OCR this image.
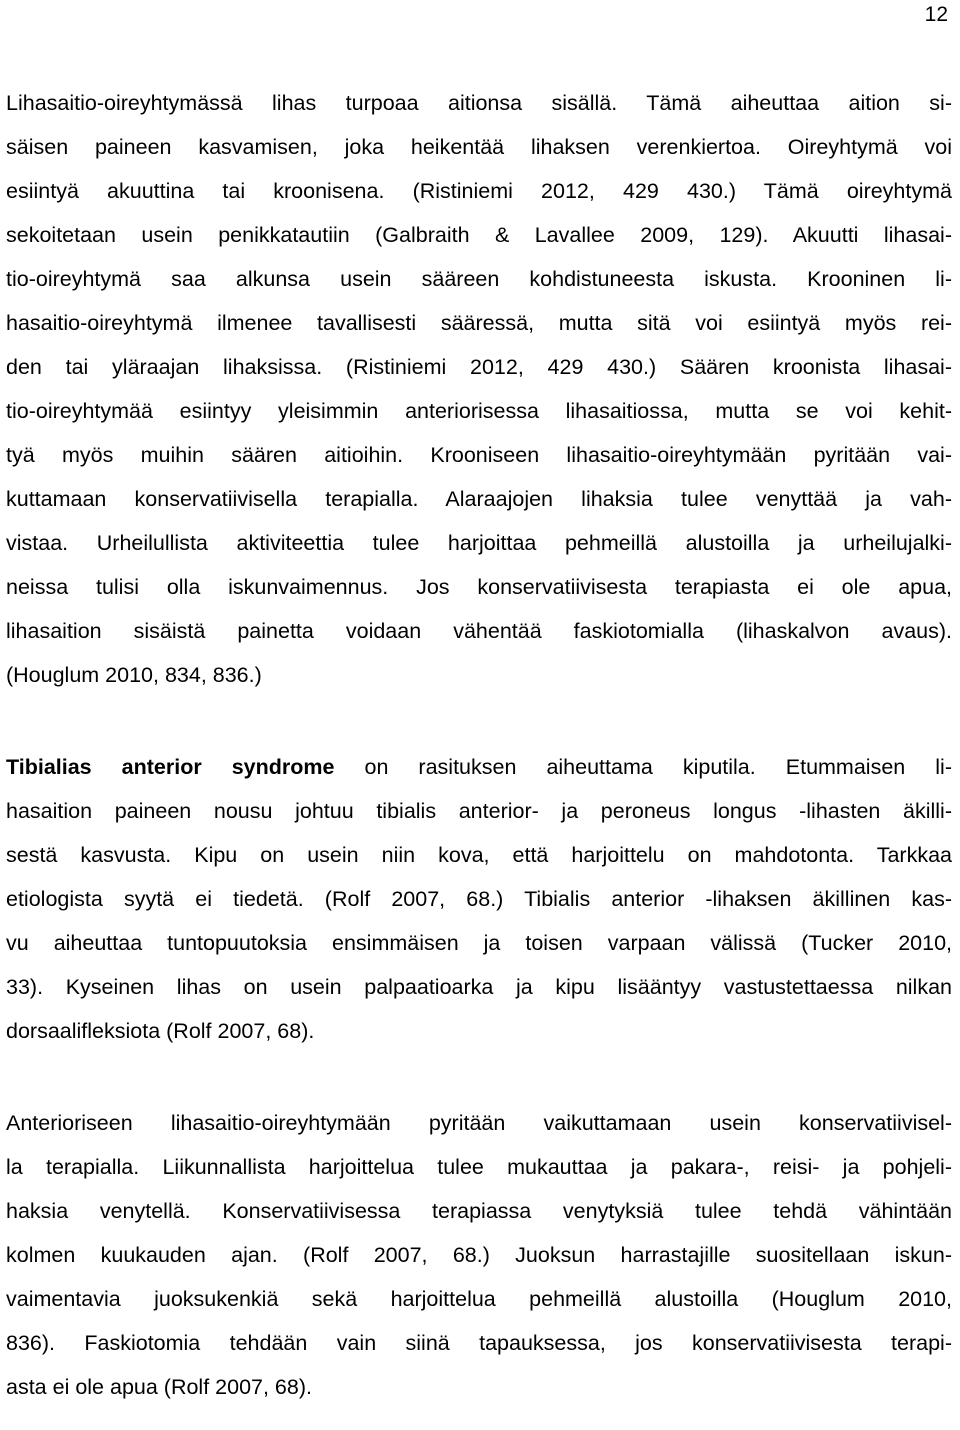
12
Lihasaitio-oireyhtymässä lihas turpoaa aitionsa sisällä. Tämä aiheuttaa aition si-
säisen paineen kasvamisen, joka heikentää lihaksen verenkiertoa. Oireyhtymä voi
esiintyä akuuttina tai kroonisena. (Ristiniemi 2012, 429 430.) Tämä oireyhtymä
sekoitetaan usein penikkatautiin (Galbraith & Lavallee 2009, 129). Akuutti lihasai-
tio-oireyhtymä saa alkunsa usein sääreen kohdistuneesta iskusta. Krooninen li-
hasaitio-oireyhtymä ilmenee tavallisesti sääressä, mutta sitä voi esiintyä myös rei-
den tai yläraajan lihaksissa. (Ristiniemi 2012, 429 430.) Säären kroonista lihasai-
tio-oireyhtymää esiintyy yleisimmin anteriorisessa lihasaitiossa, mutta se voi kehit-
tyä myös muihin säären aitioihin. Krooniseen lihasaitio-oireyhtymään pyritään vai-
kuttamaan konservatiivisella terapialla. Alaraajojen lihaksia tulee venyttää ja vah-
vistaa. Urheilullista aktiviteettia tulee harjoittaa pehmeillä alustoilla ja urheilujalki-
neissa tulisi olla iskunvaimennus. Jos konservatiivisesta terapiasta ei ole apua,
lihasaition sisäistä painetta voidaan vähentää faskiotomialla (lihaskalvon avaus).
(Houglum 2010, 834, 836.)
Tibialias anterior syndrome on rasituksen aiheuttama kiputila. Etummaisen li-
hasaition paineen nousu johtuu tibialis anterior- ja peroneus longus -lihasten äkilli-
sestä kasvusta. Kipu on usein niin kova, että harjoittelu on mahdotonta. Tarkkaa
etiologista syytä ei tiedetä. (Rolf 2007, 68.) Tibialis anterior -lihaksen äkillinen kas-
vu aiheuttaa tuntopuutoksia ensimmäisen ja toisen varpaan välissä (Tucker 2010,
33). Kyseinen lihas on usein palpaatioarka ja kipu lisääntyy vastustettaessa nilkan
dorsaalifleksiota (Rolf 2007, 68).
Anterioriseen lihasaitio-oireyhtymään pyritään vaikuttamaan usein konservatiivisel-
la terapialla. Liikunnallista harjoittelua tulee mukauttaa ja pakara-, reisi- ja pohjeli-
haksia venytellä. Konservatiivisessa terapiassa venytyksiä tulee tehdä vähintään
kolmen kuukauden ajan. (Rolf 2007, 68.) Juoksun harrastajille suositellaan iskun-
vaimentavia juoksukenkiä sekä harjoittelua pehmeillä alustoilla (Houglum 2010,
836). Faskiotomia tehdään vain siinä tapauksessa, jos konservatiivisesta terapi-
asta ei ole apua (Rolf 2007, 68).
